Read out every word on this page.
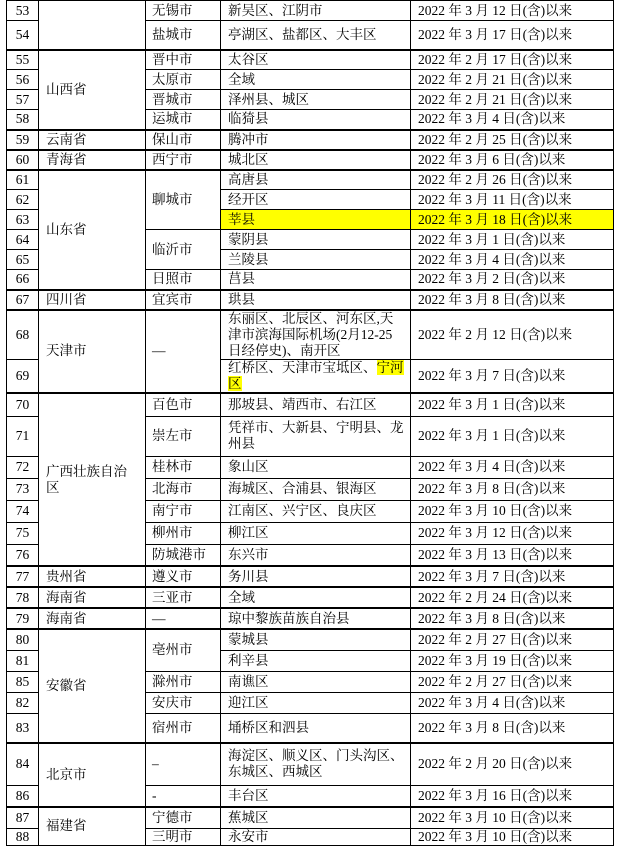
53		无锡市	新吴区、江阴市	2022 年 3 月 12 日(含)以来
54		盐城市	亭湖区、盐都区、大丰区	2022 年 3 月 17 日(含)以来
55	山西省	晋中市	太谷区	2022 年 2 月 17 日(含)以来
56		太原市	全域	2022 年 2 月 21 日(含)以来
57		晋城市	泽州县、城区	2022 年 2 月 21 日(含)以来
58		运城市	临猗县	2022 年 3 月 4 日(含)以来
59	云南省	保山市	腾冲市	2022 年 2 月 25 日(含)以来
60	青海省	西宁市	城北区	2022 年 3 月 6 日(含)以来
61	山东省	聊城市	高唐县	2022 年 2 月 26 日(含)以来
62			经开区	2022 年 3 月 11 日(含)以来
63			莘县	2022 年 3 月 18 日(含)以来
64		临沂市	蒙阴县	2022 年 3 月 1 日(含)以来
65			兰陵县	2022 年 3 月 4 日(含)以来
66		日照市	莒县	2022 年 3 月 2 日(含)以来
67	四川省	宜宾市	珙县	2022 年 3 月 8 日(含)以来
68	天津市	—	东丽区、北辰区、河东区,天津市滨海国际机场(2月12-25日经停史)、南开区	2022 年 2 月 12 日(含)以来
69			红桥区、天津市宝坻区、宁河区	2022 年 3 月 7 日(含)以来
70	广西壮族自治区	百色市	那坡县、靖西市、右江区	2022 年 3 月 1 日(含)以来
71		崇左市	凭祥市、大新县、宁明县、龙州县	2022 年 3 月 1 日(含)以来
72		桂林市	象山区	2022 年 3 月 4 日(含)以来
73		北海市	海城区、合浦县、银海区	2022 年 3 月 8 日(含)以来
74		南宁市	江南区、兴宁区、良庆区	2022 年 3 月 10 日(含)以来
75		柳州市	柳江区	2022 年 3 月 12 日(含)以来
76		防城港市	东兴市	2022 年 3 月 13 日(含)以来
77	贵州省	遵义市	务川县	2022 年 3 月 7 日(含)以来
78	海南省	三亚市	全域	2022 年 2 月 24 日(含)以来
79	海南省	—	琼中黎族苗族自治县	2022 年 3 月 8 日(含)以来
80	安徽省	亳州市	蒙城县	2022 年 2 月 27 日(含)以来
81			利辛县	2022 年 3 月 19 日(含)以来
85		滁州市	南谯区	2022 年 2 月 27 日(含)以来
82		安庆市	迎江区	2022 年 3 月 4 日(含)以来
83		宿州市	埇桥区和泗县	2022 年 3 月 8 日(含)以来
84	北京市	–	海淀区、顺义区、门头沟区、东城区、西城区	2022 年 2 月 20 日(含)以来
86		-	丰台区	2022 年 3 月 16 日(含)以来
87	福建省	宁德市	蕉城区	2022 年 3 月 10 日(含)以来
88		三明市	永安市	2022 年 3 月 10 日(含)以来
